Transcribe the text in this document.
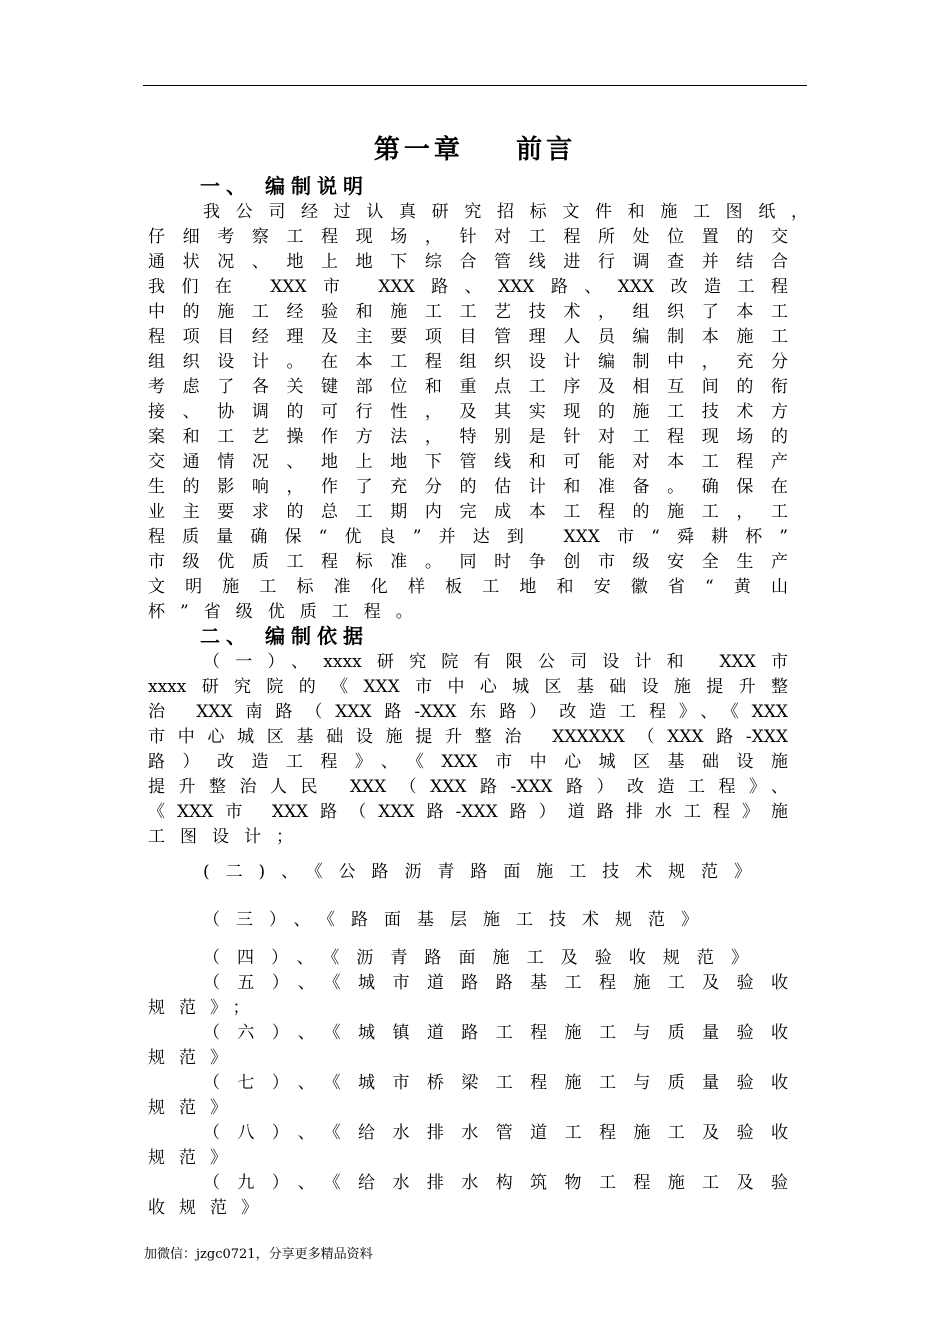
第一章    前言
一、 编制说明
我公司经过认真研究招标文件和施工图纸，
仔细考察工程现场，针对工程所处位置的交
通状况、地上地下综合管线进行调查并结合
我们在 XXX市 XXX路、XXX路、XXX改造工程
中的施工经验和施工工艺技术，组织了本工
程项目经理及主要项目管理人员编制本施工
组织设计。在本工程组织设计编制中，充分
考虑了各关键部位和重点工序及相互间的衔
接、协调的可行性，及其实现的施工技术方
案和工艺操作方法，特别是针对工程现场的
交通情况、地上地下管线和可能对本工程产
生的影响，作了充分的估计和准备。确保在
业主要求的总工期内完成本工程的施工，工
程质量确保“优良”并达到 XXX市“舜耕杯”
市级优质工程标准。同时争创市级安全生产
文明施工标准化样板工地和安徽省“黄山
杯”省级优质工程。
二、 编制依据
（一）、xxxx研究院有限公司设计和 XXX市
xxxx研究院的《XXX市中心城区基础设施提升整
治 XXX南路（XXX路-XXX东路）改造工程》、《XXX
市中心城区基础设施提升整治 XXXXXX（XXX路-XXX
路）改造工程》、《XXX市中心城区基础设施
提升整治人民 XXX（XXX路-XXX路）改造工程》、
《XXX市 XXX路（XXX路-XXX路）道路排水工程》施
工图设计；
(二)、《公路沥青路面施工技术规范》
（三）、《路面基层施工技术规范》
（四）、《沥青路面施工及验收规范》
（五）、《城市道路路基工程施工及验收
规范》；
（六）、《城镇道路工程施工与质量验收
规范》
（七）、《城市桥梁工程施工与质量验收
规范》
（八）、《给水排水管道工程施工及验收
规范》
（九）、《给水排水构筑物工程施工及验
收规范》
加微信：jzgc0721，分享更多精品资料
